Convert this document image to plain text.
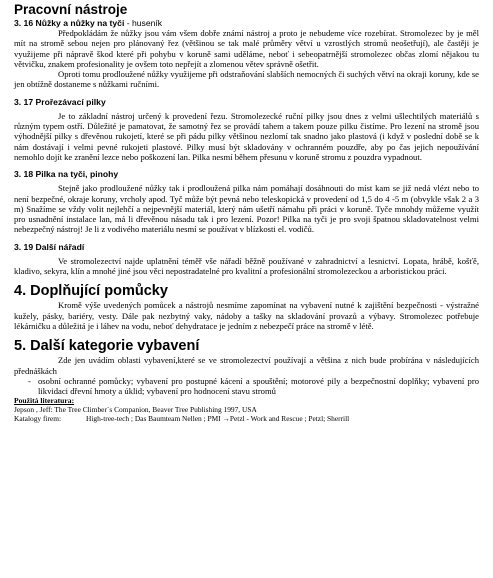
Pracovní nástroje
3. 16 Nůžky a nůžky na tyči - huseník

Předpokládám že nůžky jsou vám všem dobře známí nástroj a proto je nebudeme více rozebírat. Stromolezec by je měl mít na stromě sebou nejen pro plánovaný řez (většinou se tak malé průměry větví u vzrostlých stromů neošetřují), ale častěji je využijeme při nápravě škod které při pohybu v koruně sami uděláme, neboť i sebeopatrnější stromolezec občas zlomí nějakou tu větvičku, znakem profesionality je ovšem toto nepřejít a zlomenou větev správně ošetřit.

Oproti tomu prodloužené nůžky využijeme při odstraňování slabších nemocných či suchých větví na okraji koruny, kde se jen obtížně dostaneme s nůžkami ručními.

3. 17 Prořezávací pilky

Je to základní nástroj určený k provedení řezu. Stromolezecké ruční pilky jsou dnes z velmi ušlechtilých materiálů s různým typem ostří. Důležité je pamatovat, že samotný řez se provádí tahem a takem pouze pilku čistíme. Pro lezení na stromě jsou výhodnější pilky s dřevěnou rukojetí, které se při pádu pilky většinou nezlomí tak snadno jako plastová (i když v poslední době se k nám dostávají i velmi pevné rukojeti plastové. Pilky musí být skladovány v ochranném pouzdře, aby po čas jejich nepoužívání nemohlo dojít ke zranění lezce nebo poškození lan. Pilka nesmí během přesunu v koruně stromu z pouzdra vypadnout.

3. 18 Pilka na tyči, pinohy

Stejně jako prodloužené nůžky tak i prodloužená pilka nám pomáhají dosáhnouti do míst kam se již nedá vlézt nebo to není bezpečné, okraje koruny, vrcholy apod. Tyč může být pevná nebo teleskopická v provedení od 1,5 do 4 -5 m (obvykle však 2 a 3 m) Snažíme se vždy volit nejlehčí a nejpevnější materiál, který nám ušetří námahu při práci v koruně. Tyče mnohdy můžeme využít pro usnadnění instalace lan, má li dřevěnou násadu tak i pro lezení. Pozor! Pilka na tyči je pro svoji špatnou skladovatelnost velmi nebezpečný nástroj! Je li z vodivého materiálu nesmí se používat v blízkosti el. vodičů.

3. 19 Další nářadí

Ve stromolezectví najde uplatnění téměř vše nářadí běžně používané v zahradnictví a lesnictví. Lopata, hrábě, košťě, kladivo, sekyra, klín a mnohé jiné jsou věci nepostradatelné pro kvalitní a profesionální stromolezeckou a arboristickou práci.

4. Doplňující pomůcky

Kromě výše uvedených pomůcek a nástrojů nesmíme zapomínat na vybavení nutné k zajištění bezpečnosti - výstražné kužely, pásky, bariéry, vesty. Dále pak nezbytný vaky, nádoby a tašky na skladování provazů a výbavy. Stromolezec potřebuje lékárničku a důležitá je i láhev na vodu, neboť dehydratace je jedním z nebezpečí práce na stromě v létě.

5. Další kategorie vybavení

Zde jen uvádím oblasti vybavení,které se ve stromolezectví používají a většina z nich bude probírána v následujících přednáškách

- osobní ochranné pomůcky; vybavení pro postupné kácení a spouštění; motorové pily a bezpečnostní doplňky; vybavení pro likvidaci dřevní hmoty a úklid; vybavení pro hodnocení stavu stromů

Použitá literatura:

Jepson , Jeff: The Tree Climber´s Companion, Beaver Tree Publishing 1997, USA

Katalogy firem:	High-tree-tech ; Das Baumteam Nellen ; PMI →Petzl - Work and Rescue ; Petzl; Sherrill
